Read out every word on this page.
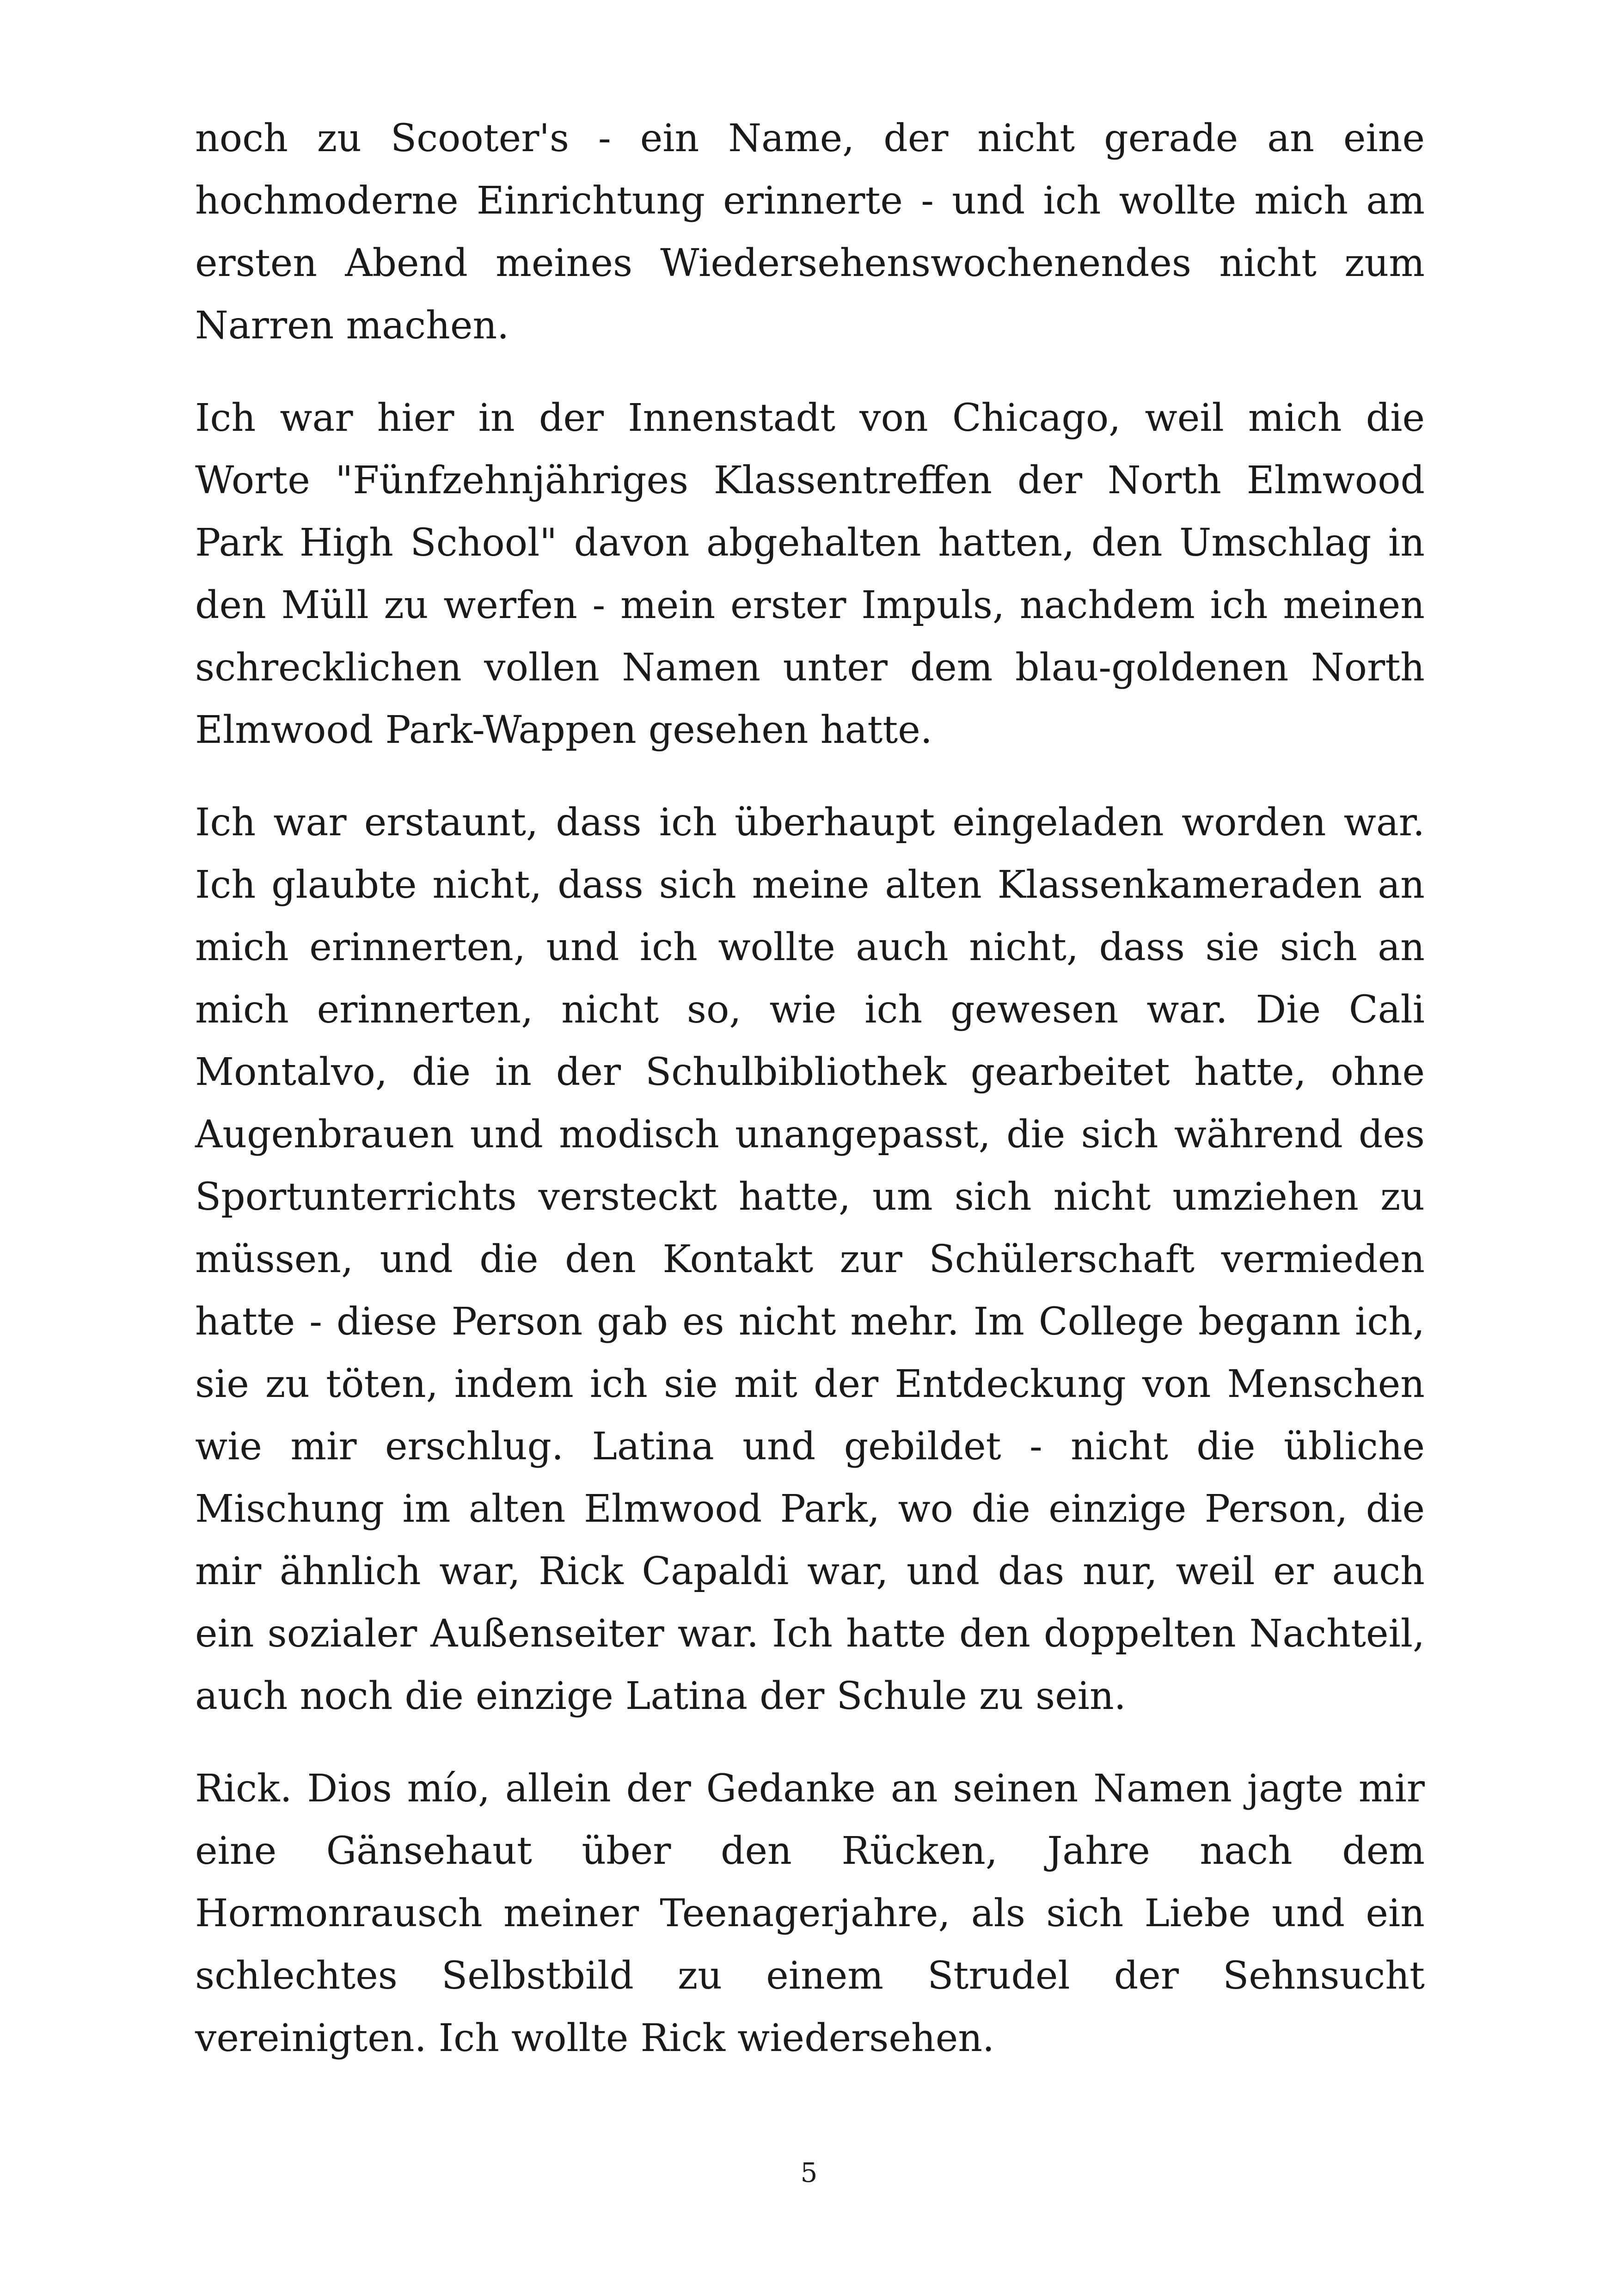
noch zu Scooter's - ein Name, der nicht gerade an eine hochmoderne Einrichtung erinnerte - und ich wollte mich am ersten Abend meines Wiedersehenswochenendes nicht zum Narren machen.

Ich war hier in der Innenstadt von Chicago, weil mich die Worte "Fünfzehnjähriges Klassentreffen der North Elmwood Park High School" davon abgehalten hatten, den Umschlag in den Müll zu werfen - mein erster Impuls, nachdem ich meinen schrecklichen vollen Namen unter dem blau-goldenen North Elmwood Park-Wappen gesehen hatte.

Ich war erstaunt, dass ich überhaupt eingeladen worden war. Ich glaubte nicht, dass sich meine alten Klassenkameraden an mich erinnerten, und ich wollte auch nicht, dass sie sich an mich erinnerten, nicht so, wie ich gewesen war. Die Cali Montalvo, die in der Schulbibliothek gearbeitet hatte, ohne Augenbrauen und modisch unangepasst, die sich während des Sportunterrichts versteckt hatte, um sich nicht umziehen zu müssen, und die den Kontakt zur Schülerschaft vermieden hatte - diese Person gab es nicht mehr. Im College begann ich, sie zu töten, indem ich sie mit der Entdeckung von Menschen wie mir erschlug. Latina und gebildet - nicht die übliche Mischung im alten Elmwood Park, wo die einzige Person, die mir ähnlich war, Rick Capaldi war, und das nur, weil er auch ein sozialer Außenseiter war. Ich hatte den doppelten Nachteil, auch noch die einzige Latina der Schule zu sein.

Rick. Dios mío, allein der Gedanke an seinen Namen jagte mir eine Gänsehaut über den Rücken, Jahre nach dem Hormonrausch meiner Teenagerjahre, als sich Liebe und ein schlechtes Selbstbild zu einem Strudel der Sehnsucht vereinigten. Ich wollte Rick wiedersehen.

5
